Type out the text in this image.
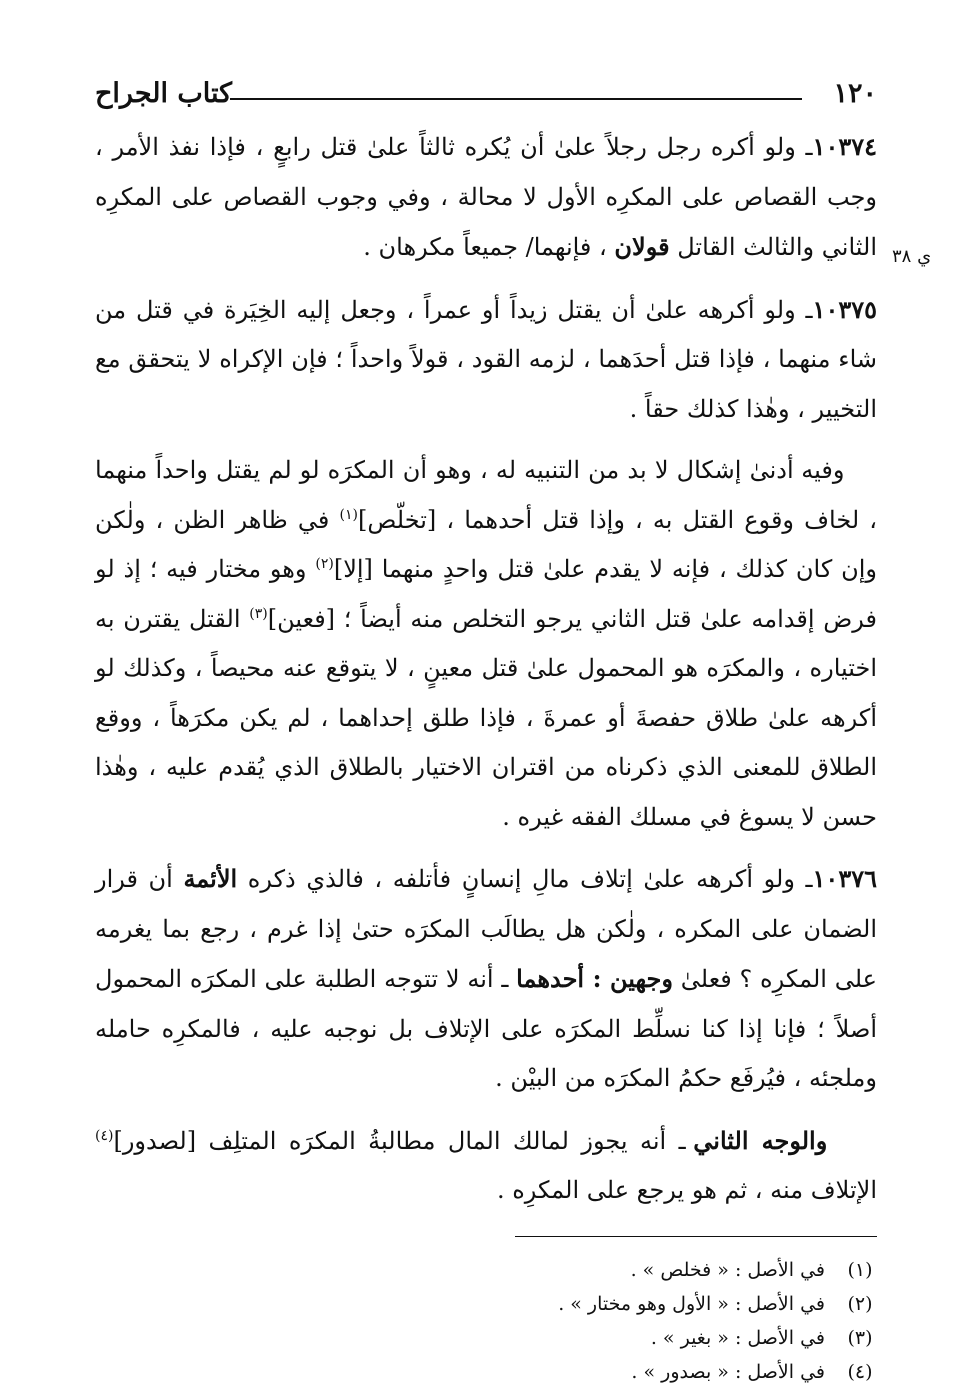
ي ٣٨
١٢٠
كتاب الجراح

١٠٣٧٤ـ ولو أكره رجل رجلاً علىٰ أن يُكره ثالثاً علىٰ قتل رابعٍ ، فإذا نفذ الأمر ، وجب القصاص على المكرِه الأول لا محالة ، وفي وجوب القصاص على المكرِه الثاني والثالث القاتل قولان ، فإنهما/ جميعاً مكرهان .

١٠٣٧٥ـ ولو أكرهه علىٰ أن يقتل زيداً أو عمراً ، وجعل إليه الخِيَرة في قتل من شاء منهما ، فإذا قتل أحدَهما ، لزمه القود ، قولاً واحداً ؛ فإن الإكراه لا يتحقق مع التخيير ، وهٰذا كذلك حقاً .

وفيه أدنىٰ إشكال لا بد من التنبيه له ، وهو أن المكرَه لو لم يقتل واحداً منهما ، لخاف وقوع القتل به ، وإذا قتل أحدهما ، [تخلّص]$^{(١)}$ في ظاهر الظن ، ولٰكن وإن كان كذلك ، فإنه لا يقدم علىٰ قتل واحدٍ منهما [إلا]$^{(٢)}$ وهو مختار فيه ؛ إذ لو فرض إقدامه علىٰ قتل الثاني يرجو التخلص منه أيضاً ؛ [فعين]$^{(٣)}$ القتل يقترن به اختياره ، والمكرَه هو المحمول علىٰ قتل معينٍ ، لا يتوقع عنه محيصاً ، وكذلك لو أكرهه علىٰ طلاق حفصةَ أو عمرةَ ، فإذا طلق إحداهما ، لم يكن مكرَهاً ، ووقع الطلاق للمعنى الذي ذكرناه من اقتران الاختيار بالطلاق الذي يُقدم عليه ، وهٰذا حسن لا يسوغ في مسلك الفقه غيره .

١٠٣٧٦ـ ولو أكرهه علىٰ إتلاف مالِ إنسانٍ فأتلفه ، فالذي ذكره الأئمة أن قرار الضمان على المكره ، ولٰكن هل يطالَب المكرَه حتىٰ إذا غرم ، رجع بما يغرمه على المكرِه ؟ فعلىٰ وجهين : أحدهما ـ أنه لا تتوجه الطلبة على المكرَه المحمول أصلاً ؛ فإنا إذا كنا نسلِّط المكرَه على الإتلاف بل نوجبه عليه ، فالمكرِه حامله وملجئه ، فيُرفَع حكمُ المكرَه من البيْن .

والوجه الثاني ـ أنه يجوز لمالك المال مطالبةُ المكرَه المتلِف [لصدور]$^{(٤)}$ الإتلاف منه ، ثم هو يرجع على المكرِه .

(١)
في الأصل : « فخلص » .
(٢)
في الأصل : « الأول وهو مختار » .
(٣)
في الأصل : « بغير » .
(٤)
في الأصل : « بصدور » .
